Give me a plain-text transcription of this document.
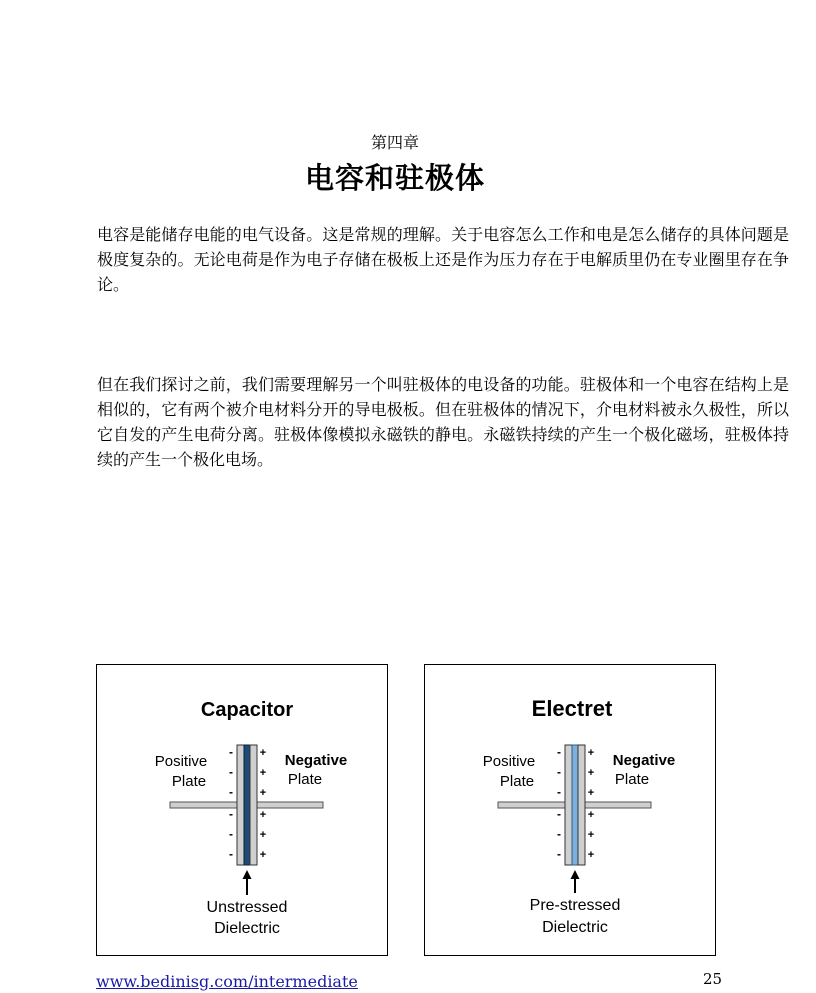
第四章
电容和驻极体

电容是能储存电能的电气设备。这是常规的理解。关于电容怎么工作和电是怎么储存的具体问题是极度复杂的。无论电荷是作为电子存储在极板上还是作为压力存在于电解质里仍在专业圈里存在争论。

但在我们探讨之前，我们需要理解另一个叫驻极体的电设备的功能。驻极体和一个电容在结构上是相似的，它有两个被介电材料分开的导电极板。但在驻极体的情况下，介电材料被永久极性，所以它自发的产生电荷分离。驻极体像模拟永磁铁的静电。永磁铁持续的产生一个极化磁场，驻极体持续的产生一个极化电场。

Capacitor
Positive
Plate
Negative
Plate
-
-
-
-
-
-
+
+
+
+
+
+
Unstressed
Dielectric
Electret
Positive
Plate
Negative
Plate
-
-
-
-
-
-
+
+
+
+
+
+
Pre-stressed
Dielectric
www.bedinisg.com/intermediate	25
